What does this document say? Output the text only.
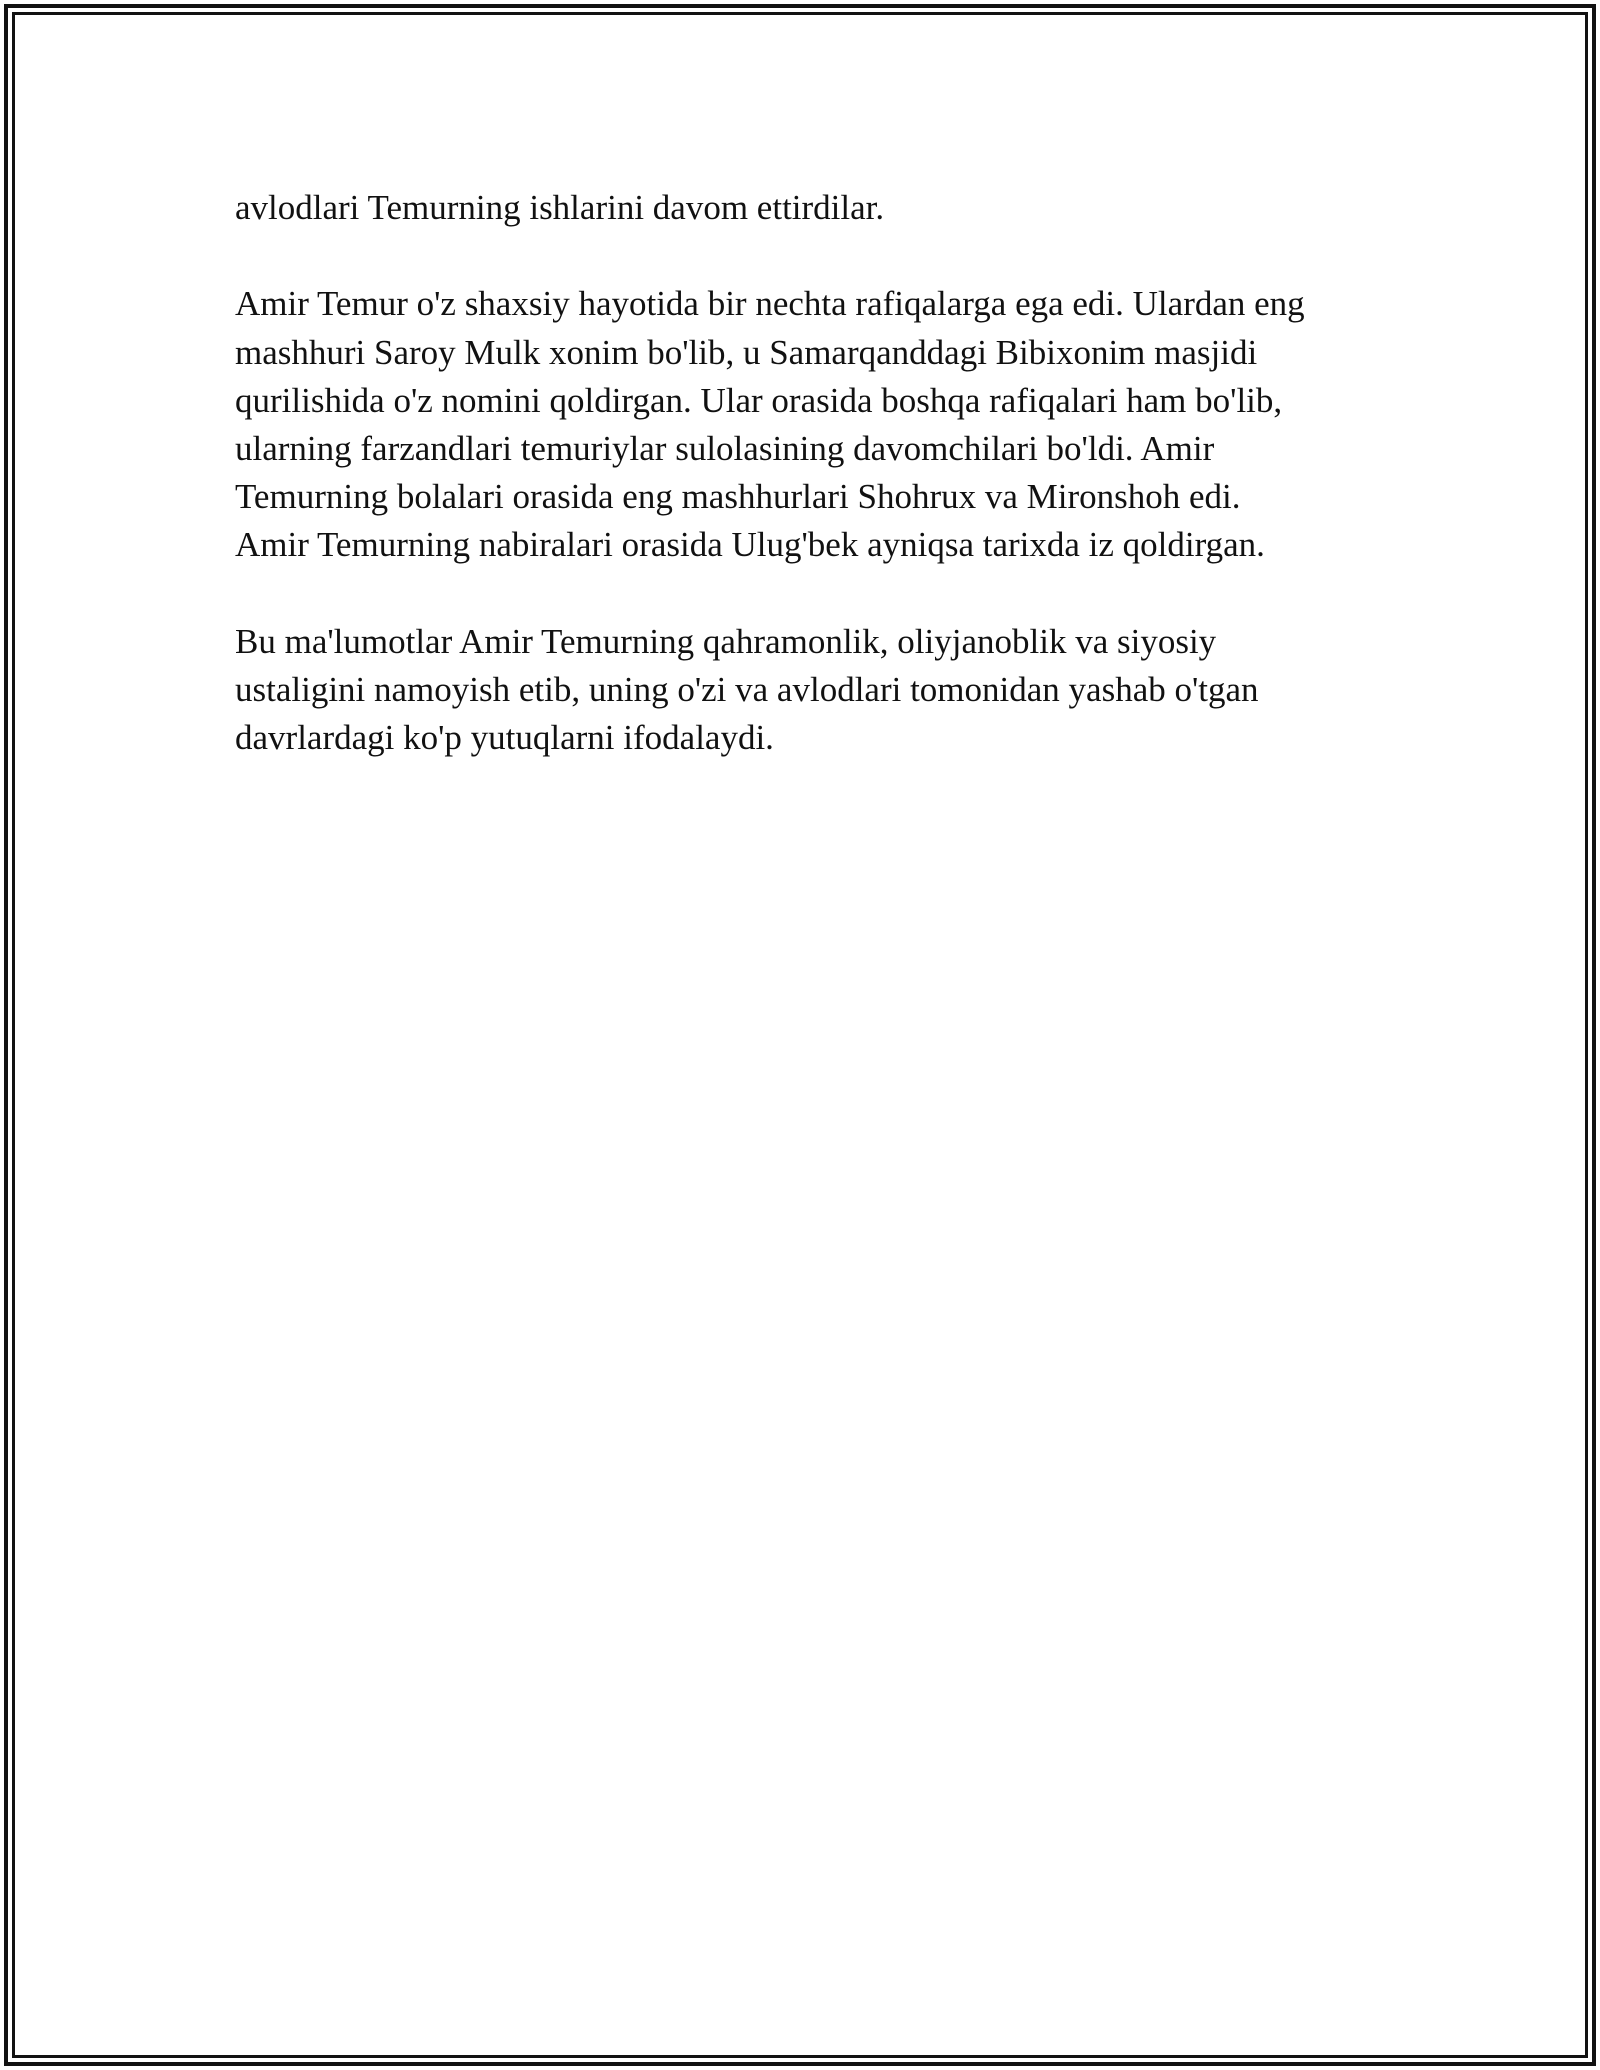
avlodlari Temurning ishlarini davom ettirdilar.

Amir Temur o'z shaxsiy hayotida bir nechta rafiqalarga ega edi. Ulardan eng
mashhuri Saroy Mulk xonim bo'lib, u Samarqanddagi Bibixonim masjidi
qurilishida o'z nomini qoldirgan. Ular orasida boshqa rafiqalari ham bo'lib,
ularning farzandlari temuriylar sulolasining davomchilari bo'ldi. Amir
Temurning bolalari orasida eng mashhurlari Shohrux va Mironshoh edi.
Amir Temurning nabiralari orasida Ulug'bek ayniqsa tarixda iz qoldirgan.

Bu ma'lumotlar Amir Temurning qahramonlik, oliyjanoblik va siyosiy
ustaligini namoyish etib, uning o'zi va avlodlari tomonidan yashab o'tgan
davrlardagi ko'p yutuqlarni ifodalaydi.
